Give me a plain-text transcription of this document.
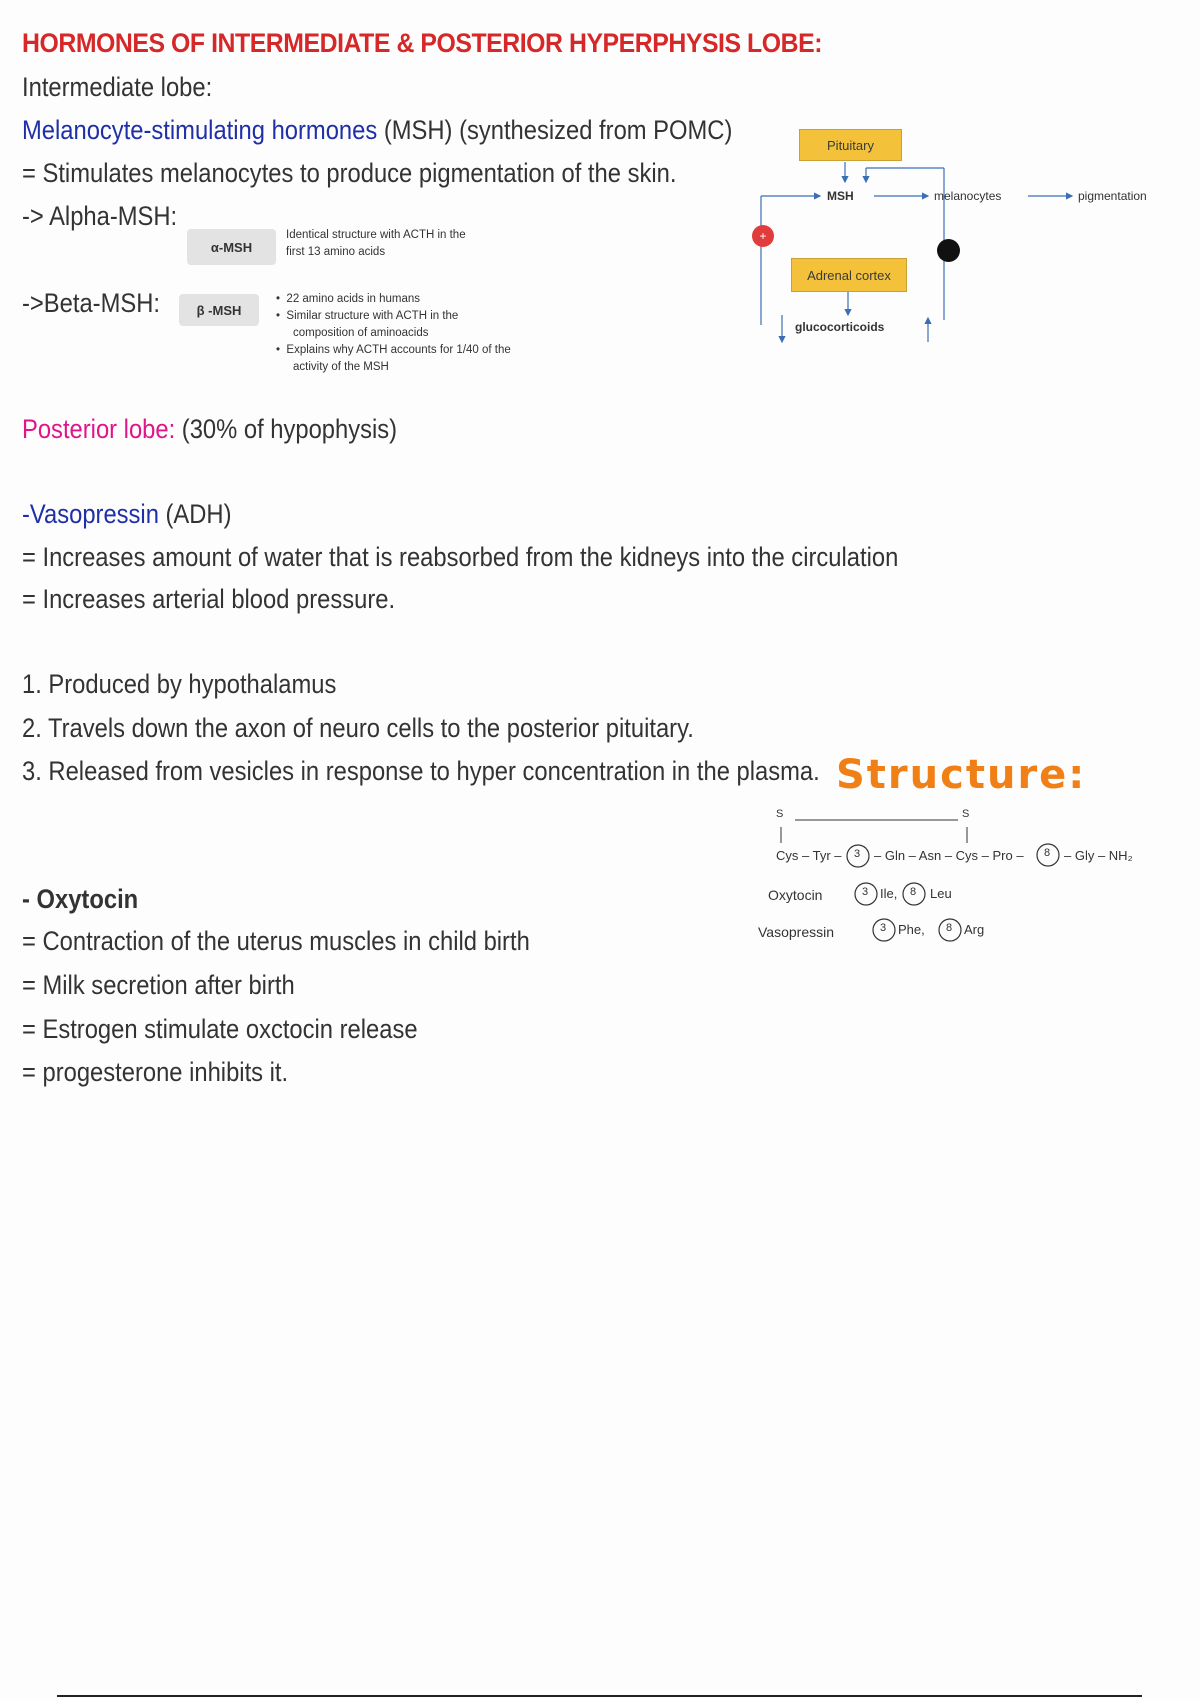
HORMONES OF INTERMEDIATE & POSTERIOR HYPERPHYSIS LOBE:
Intermediate lobe:
Melanocyte-stimulating hormones (MSH) (synthesized from POMC)
= Stimulates melanocytes to produce pigmentation of the skin.
-> Alpha-MSH:
α-MSH
Identical structure with ACTH in the
first 13 amino acids
->Beta-MSH:	β -MSH
•  22 amino acids in humans
•  Similar structure with ACTH in the
composition of aminoacids
•  Explains why ACTH accounts for 1/40 of the
activity of the MSH
Pituitary
MSH	melanocytes	pigmentation
Adrenal cortex
glucocorticoids
+
Posterior lobe: (30% of hypophysis)
-Vasopressin (ADH)
= Increases amount of water that is reabsorbed from the kidneys into the circulation
= Increases arterial blood pressure.
1. Produced by hypothalamus
2. Travels down the axon of neuro cells to the posterior pituitary.
3. Released from vesicles in response to hyper concentration in the plasma.
- Oxytocin
= Contraction of the uterus muscles in child birth
= Milk secretion after birth
= Estrogen stimulate oxctocin release
= progesterone inhibits it.
Structure:
S	S
Cys – Tyr – 3 – Gln – Asn – Cys – Pro – 8 – Gly – NH₂
Oxytocin	3 Ile, 8 Leu
Vasopressin	3 Phe, 8 Arg
